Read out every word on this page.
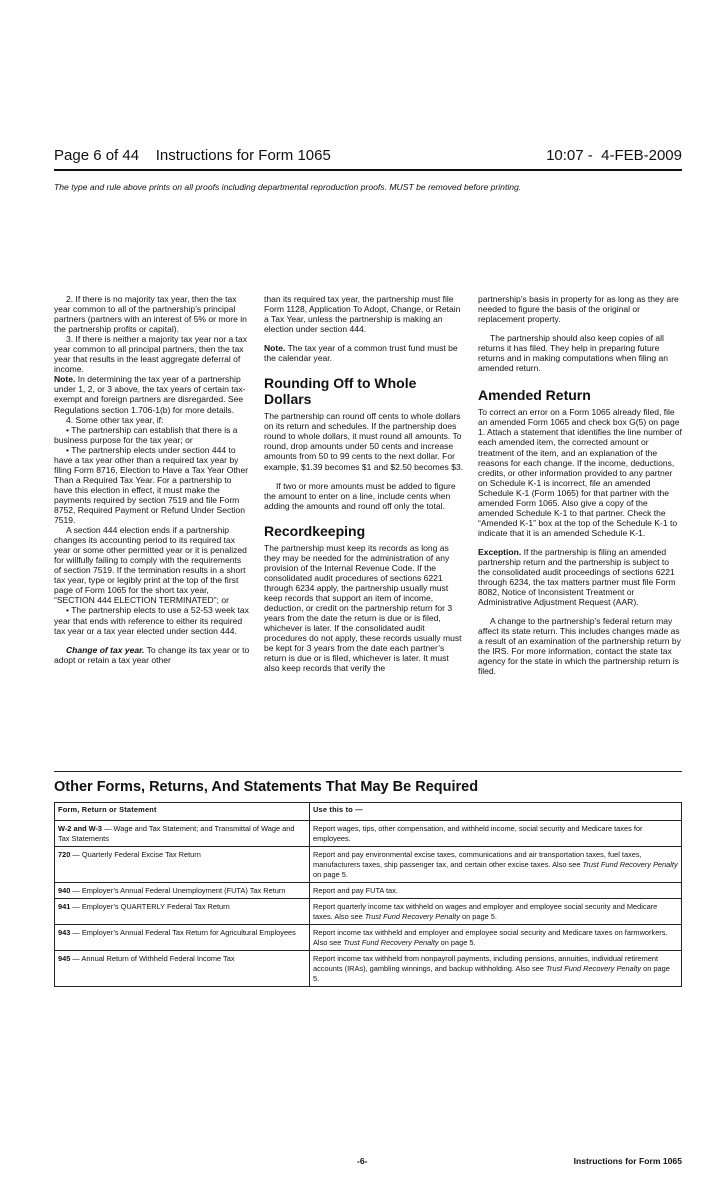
Page 6 of 44    Instructions for Form 1065	10:07 -  4-FEB-2009
The type and rule above prints on all proofs including departmental reproduction proofs. MUST be removed before printing.

2. If there is no majority tax year, then the tax year common to all of the partnership’s principal partners (partners with an interest of 5% or more in the partnership profits or capital).

3. If there is neither a majority tax year nor a tax year common to all principal partners, then the tax year that results in the least aggregate deferral of income.

Note. In determining the tax year of a partnership under 1, 2, or 3 above, the tax years of certain tax-exempt and foreign partners are disregarded. See Regulations section 1.706-1(b) for more details.

4. Some other tax year, if:

• The partnership can establish that there is a business purpose for the tax year; or

• The partnership elects under section 444 to have a tax year other than a required tax year by filing Form 8716, Election to Have a Tax Year Other Than a Required Tax Year. For a partnership to have this election in effect, it must make the payments required by section 7519 and file Form 8752, Required Payment or Refund Under Section 7519.

A section 444 election ends if a partnership changes its accounting period to its required tax year or some other permitted year or it is penalized for willfully failing to comply with the requirements of section 7519. If the termination results in a short tax year, type or legibly print at the top of the first page of Form 1065 for the short tax year, “SECTION 444 ELECTION TERMINATED”; or

• The partnership elects to use a 52-53 week tax year that ends with reference to either its required tax year or a tax year elected under section 444.

Change of tax year. To change its tax year or to adopt or retain a tax year other

than its required tax year, the partnership must file Form 1128, Application To Adopt, Change, or Retain a Tax Year, unless the partnership is making an election under section 444.

Note. The tax year of a common trust fund must be the calendar year.

Rounding Off to Whole Dollars

The partnership can round off cents to whole dollars on its return and schedules. If the partnership does round to whole dollars, it must round all amounts. To round, drop amounts under 50 cents and increase amounts from 50 to 99 cents to the next dollar. For example, $1.39 becomes $1 and $2.50 becomes $3.

If two or more amounts must be added to figure the amount to enter on a line, include cents when adding the amounts and round off only the total.

Recordkeeping

The partnership must keep its records as long as they may be needed for the administration of any provision of the Internal Revenue Code. If the consolidated audit procedures of sections 6221 through 6234 apply, the partnership usually must keep records that support an item of income, deduction, or credit on the partnership return for 3 years from the date the return is due or is filed, whichever is later. If the consolidated audit procedures do not apply, these records usually must be kept for 3 years from the date each partner’s return is due or is filed, whichever is later. It must also keep records that verify the

partnership’s basis in property for as long as they are needed to figure the basis of the original or replacement property.

The partnership should also keep copies of all returns it has filed. They help in preparing future returns and in making computations when filing an amended return.

Amended Return

To correct an error on a Form 1065 already filed, file an amended Form 1065 and check box G(5) on page 1. Attach a statement that identifies the line number of each amended item, the corrected amount or treatment of the item, and an explanation of the reasons for each change. If the income, deductions, credits, or other information provided to any partner on Schedule K-1 is incorrect, file an amended Schedule K-1 (Form 1065) for that partner with the amended Form 1065. Also give a copy of the amended Schedule K-1 to that partner. Check the “Amended K-1” box at the top of the Schedule K-1 to indicate that it is an amended Schedule K-1.

Exception. If the partnership is filing an amended partnership return and the partnership is subject to the consolidated audit proceedings of sections 6221 through 6234, the tax matters partner must file Form 8082, Notice of Inconsistent Treatment or Administrative Adjustment Request (AAR).

A change to the partnership’s federal return may affect its state return. This includes changes made as a result of an examination of the partnership return by the IRS. For more information, contact the state tax agency for the state in which the partnership return is filed.

Other Forms, Returns, And Statements That May Be Required
Form, Return or Statement	Use this to —
W-2 and W-3 — Wage and Tax Statement; and Transmittal of Wage and Tax Statements	Report wages, tips, other compensation, and withheld income, social security and Medicare taxes for employees.
720 — Quarterly Federal Excise Tax Return	Report and pay environmental excise taxes, communications and air transportation taxes, fuel taxes, manufacturers taxes, ship passenger tax, and certain other excise taxes. Also see Trust Fund Recovery Penalty on page 5.
940 — Employer’s Annual Federal Unemployment (FUTA) Tax Return	Report and pay FUTA tax.
941 — Employer’s QUARTERLY Federal Tax Return	Report quarterly income tax withheld on wages and employer and employee social security and Medicare taxes. Also see Trust Fund Recovery Penalty on page 5.
943 — Employer’s Annual Federal Tax Return for Agricultural Employees	Report income tax withheld and employer and employee social security and Medicare taxes on farmworkers. Also see Trust Fund Recovery Penalty on page 5.
945 — Annual Return of Withheld Federal Income Tax	Report income tax withheld from nonpayroll payments, including pensions, annuities, individual retirement accounts (IRAs), gambling winnings, and backup withholding. Also see Trust Fund Recovery Penalty on page 5.
-6-	Instructions for Form 1065
